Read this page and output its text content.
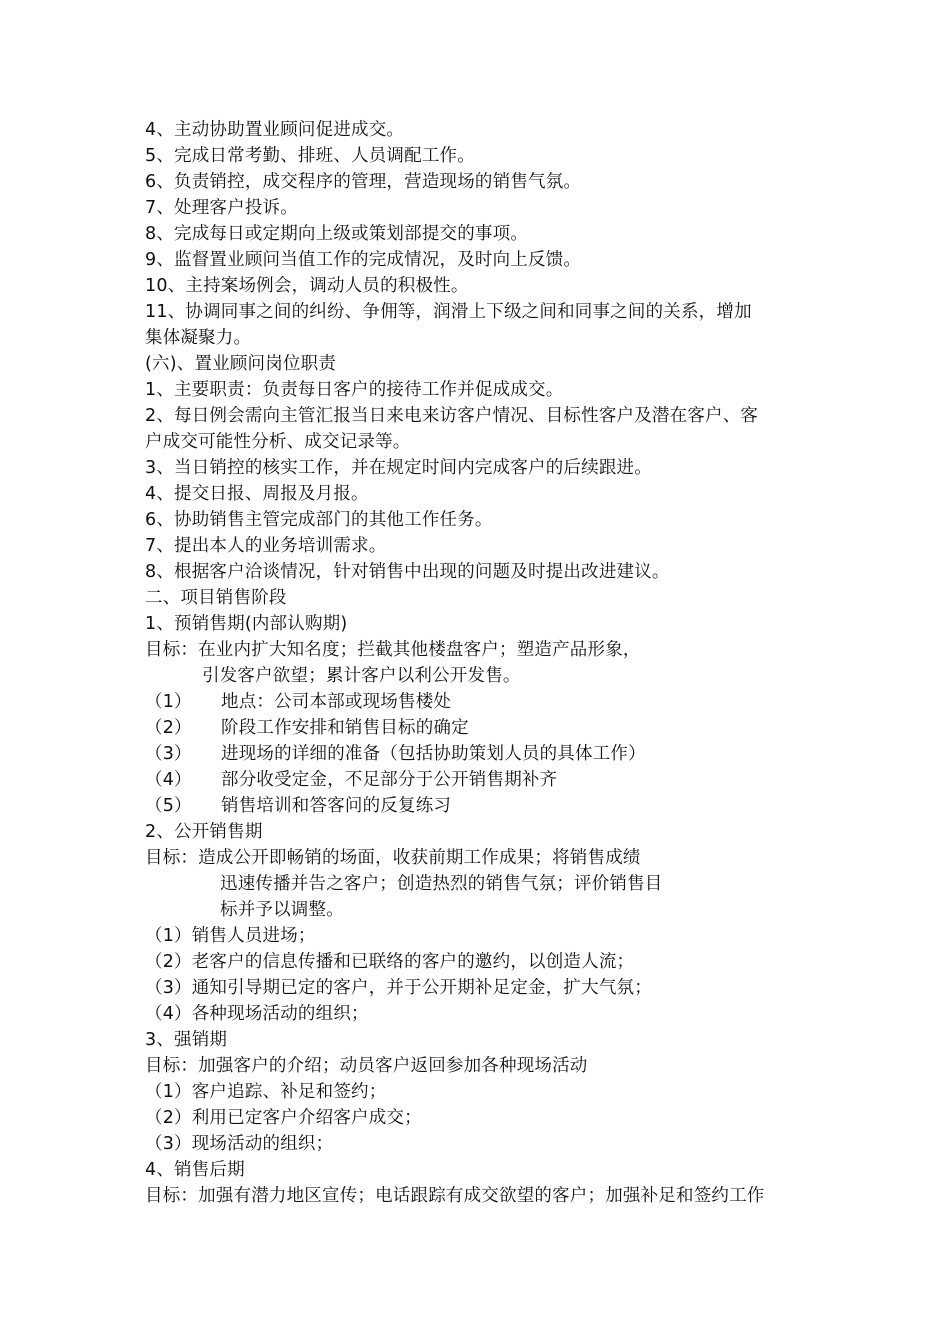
4、主动协助置业顾问促进成交。
5、完成日常考勤、排班、人员调配工作。
6、负责销控，成交程序的管理，营造现场的销售气氛。
7、处理客户投诉。
8、完成每日或定期向上级或策划部提交的事项。
9、监督置业顾问当值工作的完成情况，及时向上反馈。
10、主持案场例会，调动人员的积极性。
11、协调同事之间的纠纷、争佣等，润滑上下级之间和同事之间的关系，增加
集体凝聚力。
(六)、置业顾问岗位职责
1、主要职责：负责每日客户的接待工作并促成成交。
2、每日例会需向主管汇报当日来电来访客户情况、目标性客户及潜在客户、客
户成交可能性分析、成交记录等。
3、当日销控的核实工作，并在规定时间内完成客户的后续跟进。
4、提交日报、周报及月报。
6、协助销售主管完成部门的其他工作任务。
7、提出本人的业务培训需求。
8、根据客户洽谈情况，针对销售中出现的问题及时提出改进建议。
二、项目销售阶段
1、预销售期(内部认购期)
目标：在业内扩大知名度；拦截其他楼盘客户；塑造产品形象，
引发客户欲望；累计客户以利公开发售。
（1）	地点：公司本部或现场售楼处
（2）	阶段工作安排和销售目标的确定
（3）	进现场的详细的准备（包括协助策划人员的具体工作）
（4）	部分收受定金，不足部分于公开销售期补齐
（5）	销售培训和答客问的反复练习
2、公开销售期
目标：造成公开即畅销的场面，收获前期工作成果；将销售成绩
迅速传播并告之客户；创造热烈的销售气氛；评价销售目
标并予以调整。
（1）销售人员进场；
（2）老客户的信息传播和已联络的客户的邀约，以创造人流；
（3）通知引导期已定的客户，并于公开期补足定金，扩大气氛；
（4）各种现场活动的组织；
3、强销期
目标：加强客户的介绍；动员客户返回参加各种现场活动
（1）客户追踪、补足和签约；
（2）利用已定客户介绍客户成交；
（3）现场活动的组织；
4、销售后期
目标：加强有潜力地区宣传；电话跟踪有成交欲望的客户；加强补足和签约工作
